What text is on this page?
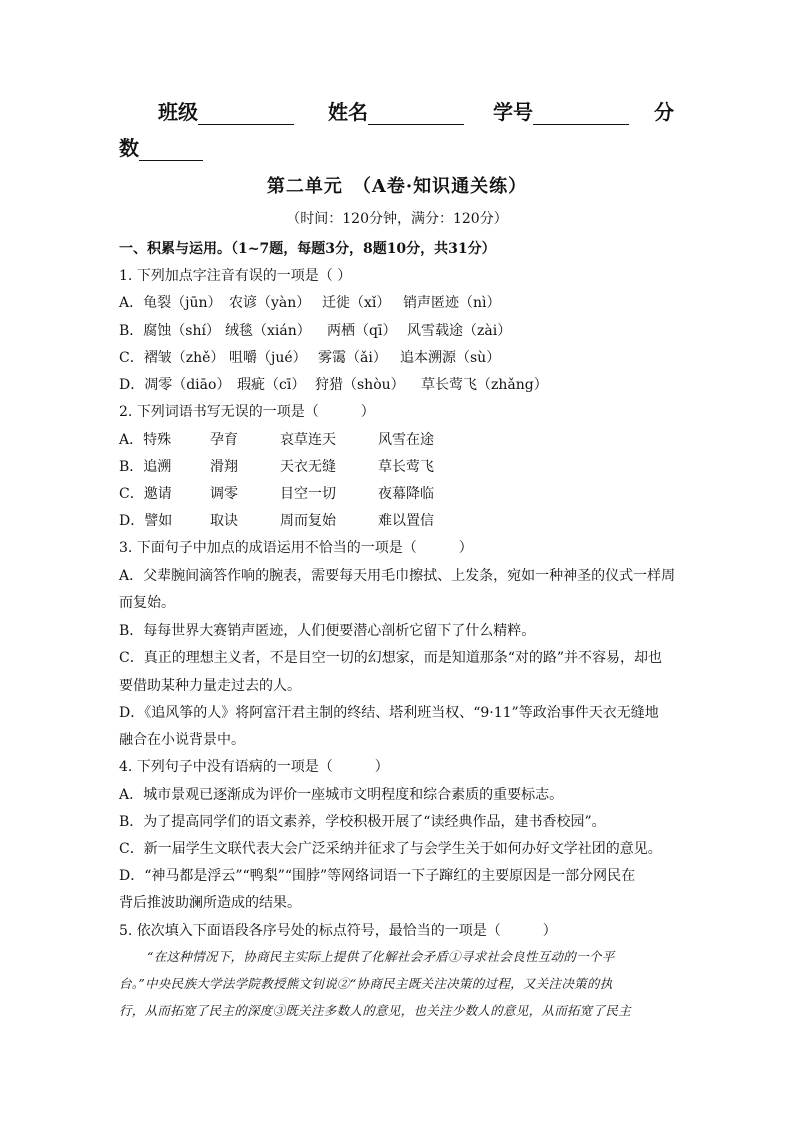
班级	姓名	学号	分
数
第二单元　（A卷·知识通关练）
（时间：120分钟，满分：120分）
一、积累与运用。（1~7题，每题3分，8题10分，共31分）
1. 下列加点字注音有误的一项是（ ）
A．龟裂（jūn） 农谚（yàn） 迁徙（xǐ） 销声匿迹（nì）
B．腐蚀（shí） 绒毯（xián） 两栖（qī） 风雪载途（zài）
C．褶皱（zhě） 咀嚼（jué） 雾霭（ǎi） 追本溯源（sù）
D．凋零（diāo） 瑕疵（cī） 狩猎（shòu） 草长莺飞（zhǎng）
2. 下列词语书写无误的一项是（　　　）
A．特殊	孕育	哀草连天	风雪在途
B．追溯	滑翔	天衣无缝	草长莺飞
C．邀请	调零	目空一切	夜幕降临
D．譬如	取诀	周而复始	难以置信
3. 下面句子中加点的成语运用不恰当的一项是（　　　）
A．父辈腕间滴答作响的腕表，需要每天用毛巾擦拭、上发条，宛如一种神圣的仪式一样周
而复始。
B．每每世界大赛销声匿迹，人们便要潜心剖析它留下了什么精粹。
C．真正的理想主义者，不是目空一切的幻想家，而是知道那条“对的路”并不容易，却也
要借助某种力量走过去的人。
D．《追风筝的人》将阿富汗君主制的终结、塔利班当权、“9·11”等政治事件天衣无缝地
融合在小说背景中。
4. 下列句子中没有语病的一项是（　　　）
A．城市景观已逐渐成为评价一座城市文明程度和综合素质的重要标志。
B．为了提高同学们的语文素养，学校积极开展了“读经典作品，建书香校园”。
C．新一届学生文联代表大会广泛采纳并征求了与会学生关于如何办好文学社团的意见。
D．“神马都是浮云”“鸭梨”“围脖”等网络词语一下子蹿红的主要原因是一部分网民在
背后推波助澜所造成的结果。
5. 依次填入下面语段各序号处的标点符号，最恰当的一项是（　　　）
“在这种情况下，协商民主实际上提供了化解社会矛盾①寻求社会良性互动的一个平
台。”中央民族大学法学院教授熊文钊说②“协商民主既关注决策的过程，又关注决策的执
行，从而拓宽了民主的深度③既关注多数人的意见，也关注少数人的意见，从而拓宽了民主
